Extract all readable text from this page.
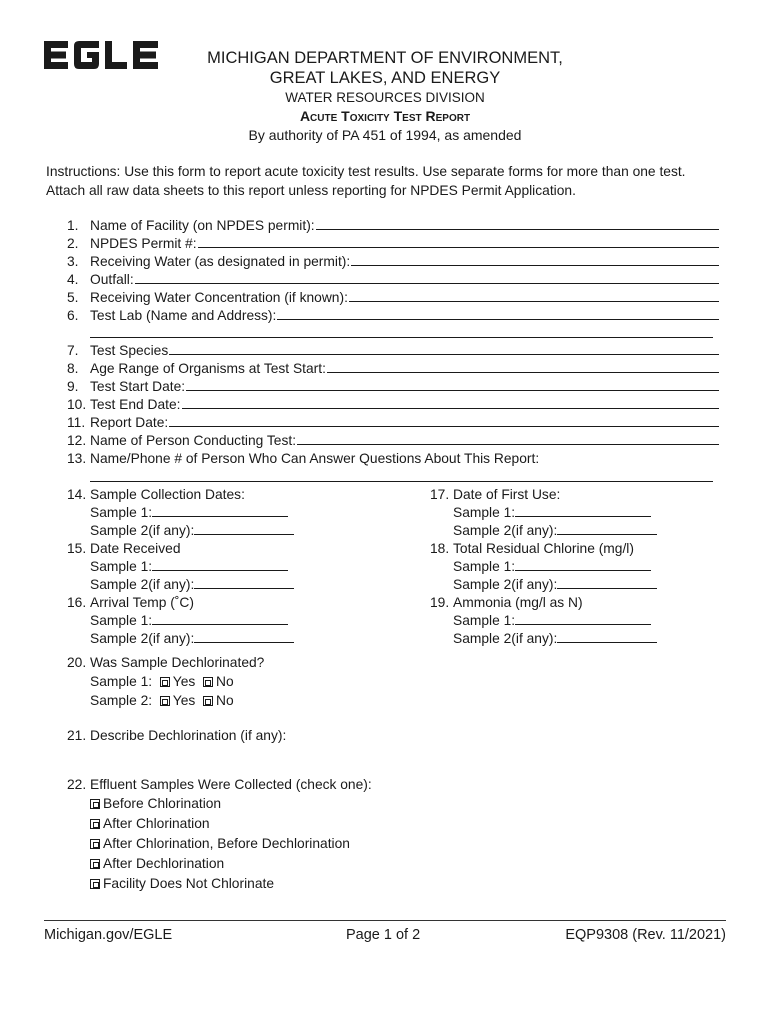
MICHIGAN DEPARTMENT OF ENVIRONMENT,
GREAT LAKES, AND ENERGY
WATER RESOURCES DIVISION
Acute Toxicity Test Report
By authority of PA 451 of 1994, as amended
Instructions: Use this form to report acute toxicity test results. Use separate forms for more than one test. Attach all raw data sheets to this report unless reporting for NPDES Permit Application.
1. Name of Facility (on NPDES permit):
2. NPDES Permit #:
3. Receiving Water (as designated in permit):
4. Outfall:
5. Receiving Water Concentration (if known):
6. Test Lab (Name and Address):
7. Test Species
8. Age Range of Organisms at Test Start:
9. Test Start Date:
10. Test End Date:
11. Report Date:
12. Name of Person Conducting Test:
13. Name/Phone # of Person Who Can Answer Questions About This Report:
14. Sample Collection Dates:
Sample 1:
Sample 2(if any):
15. Date Received
Sample 1:
Sample 2(if any):
16. Arrival Temp (˚C)
Sample 1:
Sample 2(if any):
17. Date of First Use:
Sample 1:
Sample 2(if any):
18. Total Residual Chlorine (mg/l)
Sample 1:
Sample 2(if any):
19. Ammonia (mg/l as N)
Sample 1:
Sample 2(if any):
20. Was Sample Dechlorinated?
Sample 1: Yes No
Sample 2: Yes No
21. Describe Dechlorination (if any):
22. Effluent Samples Were Collected (check one):
Before Chlorination
After Chlorination
After Chlorination, Before Dechlorination
After Dechlorination
Facility Does Not Chlorinate
Michigan.gov/EGLE	Page 1 of 2	EQP9308 (Rev. 11/2021)
